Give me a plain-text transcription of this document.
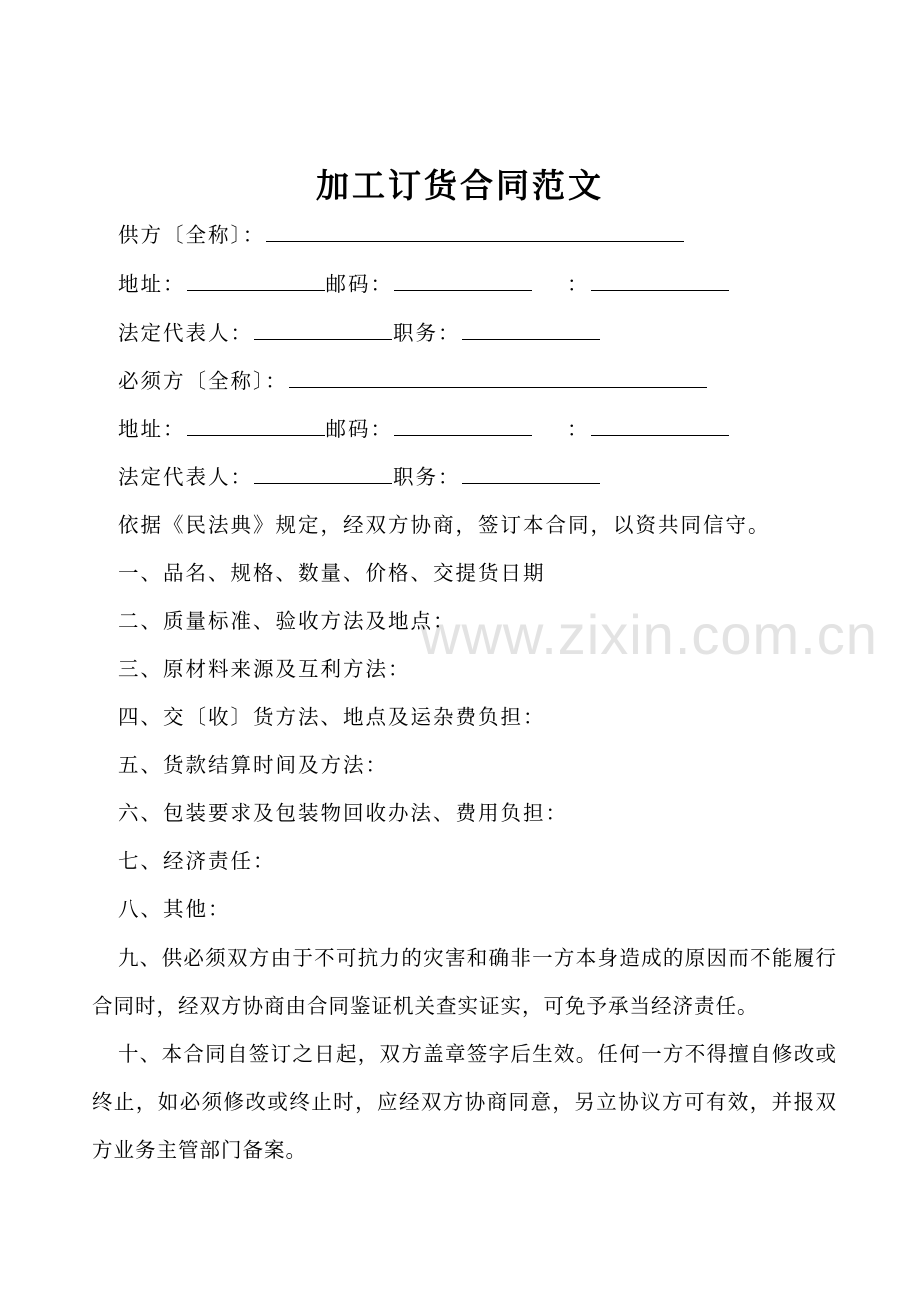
www.zixin.com.cn
加工订货合同范文
供方〔全称〕：
地址：	邮码：	：
法定代表人：	职务：
必须方〔全称〕：
地址：	邮码：	：
法定代表人：	职务：
依据《民法典》规定，经双方协商，签订本合同，以资共同信守。
一、品名、规格、数量、价格、交提货日期
二、质量标准、验收方法及地点：
三、原材料来源及互利方法：
四、交〔收〕货方法、地点及运杂费负担：
五、货款结算时间及方法：
六、包装要求及包装物回收办法、费用负担：
七、经济责任：
八、其他：
九、供必须双方由于不可抗力的灾害和确非一方本身造成的原因而不能履行合同时，经双方协商由合同鉴证机关查实证实，可免予承当经济责任。
十、本合同自签订之日起，双方盖章签字后生效。任何一方不得擅自修改或终止，如必须修改或终止时，应经双方协商同意，另立协议方可有效，并报双方业务主管部门备案。
